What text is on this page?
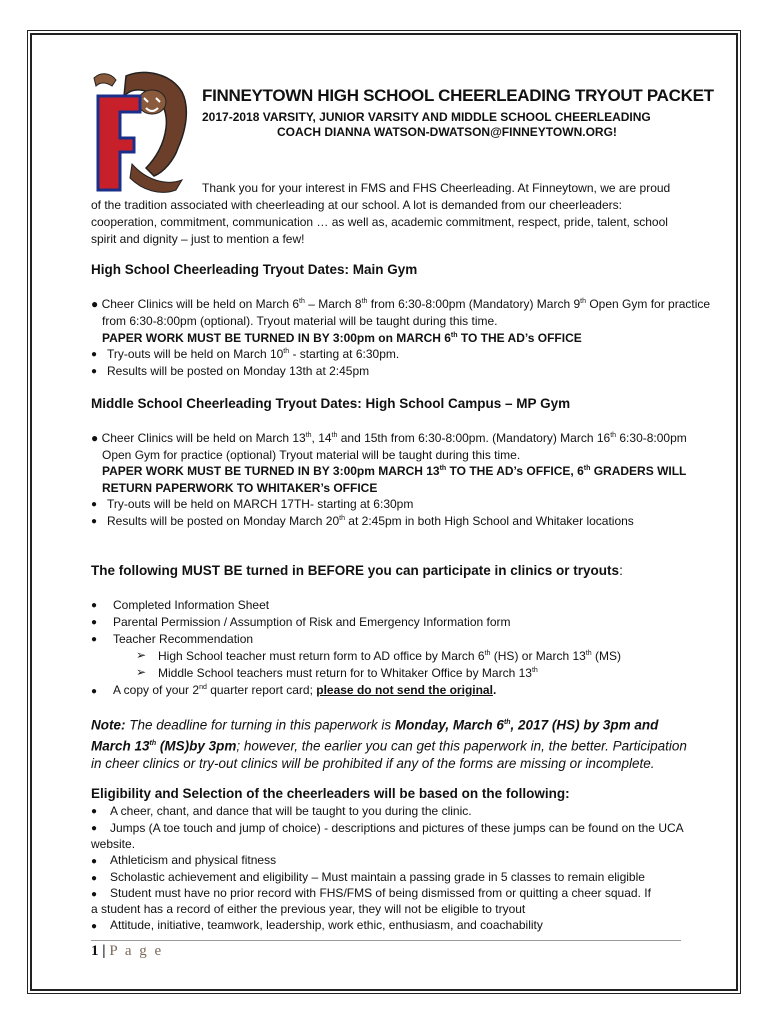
F
FINNEYTOWN HIGH SCHOOL CHEERLEADING TRYOUT PACKET
2017-2018 VARSITY, JUNIOR VARSITY AND MIDDLE SCHOOL CHEERLEADING
COACH DIANNA WATSON-DWATSON@FINNEYTOWN.ORG!
Thank you for your interest in FMS and FHS Cheerleading. At Finneytown, we are proud of the tradition associated with cheerleading at our school. A lot is demanded from our cheerleaders: cooperation, commitment, communication … as well as, academic commitment, respect, pride, talent, school spirit and dignity – just to mention a few!
High School Cheerleading Tryout Dates: Main Gym
● Cheer Clinics will be held on March 6th – March 8th from 6:30-8:00pm (Mandatory) March 9th Open Gym for practice
from 6:30-8:00pm (optional). Tryout material will be taught during this time.
PAPER WORK MUST BE TURNED IN BY 3:00pm on MARCH 6th TO THE AD’s OFFICE
● Try-outs will be held on March 10th - starting at 6:30pm.
● Results will be posted on Monday 13th at 2:45pm
Middle School Cheerleading Tryout Dates: High School Campus – MP Gym
● Cheer Clinics will be held on March 13th, 14th and 15th from 6:30-8:00pm. (Mandatory) March 16th 6:30-8:00pm
Open Gym for practice (optional) Tryout material will be taught during this time.
PAPER WORK MUST BE TURNED IN BY 3:00pm MARCH 13th TO THE AD’s OFFICE, 6th GRADERS WILL
RETURN PAPERWORK TO WHITAKER’s OFFICE
● Try-outs will be held on MARCH 17TH- starting at 6:30pm
● Results will be posted on Monday March 20th at 2:45pm in both High School and Whitaker locations
The following MUST BE turned in BEFORE you can participate in clinics or tryouts:
● Completed Information Sheet
● Parental Permission / Assumption of Risk and Emergency Information form
● Teacher Recommendation
➢ High School teacher must return form to AD office by March 6th (HS) or March 13th (MS)
➢ Middle School teachers must return for to Whitaker Office by March 13th
● A copy of your 2nd quarter report card; please do not send the original.
Note: The deadline for turning in this paperwork is Monday, March 6th, 2017 (HS) by 3pm and March 13th (MS)by 3pm; however, the earlier you can get this paperwork in, the better. Participation in cheer clinics or try-out clinics will be prohibited if any of the forms are missing or incomplete.
Eligibility and Selection of the cheerleaders will be based on the following:
● A cheer, chant, and dance that will be taught to you during the clinic.
● Jumps (A toe touch and jump of choice) - descriptions and pictures of these jumps can be found on the UCA
website.
● Athleticism and physical fitness
● Scholastic achievement and eligibility – Must maintain a passing grade in 5 classes to remain eligible
● Student must have no prior record with FHS/FMS of being dismissed from or quitting a cheer squad. If
a student has a record of either the previous year, they will not be eligible to tryout
● Attitude, initiative, teamwork, leadership, work ethic, enthusiasm, and coachability
1 | P a g e
